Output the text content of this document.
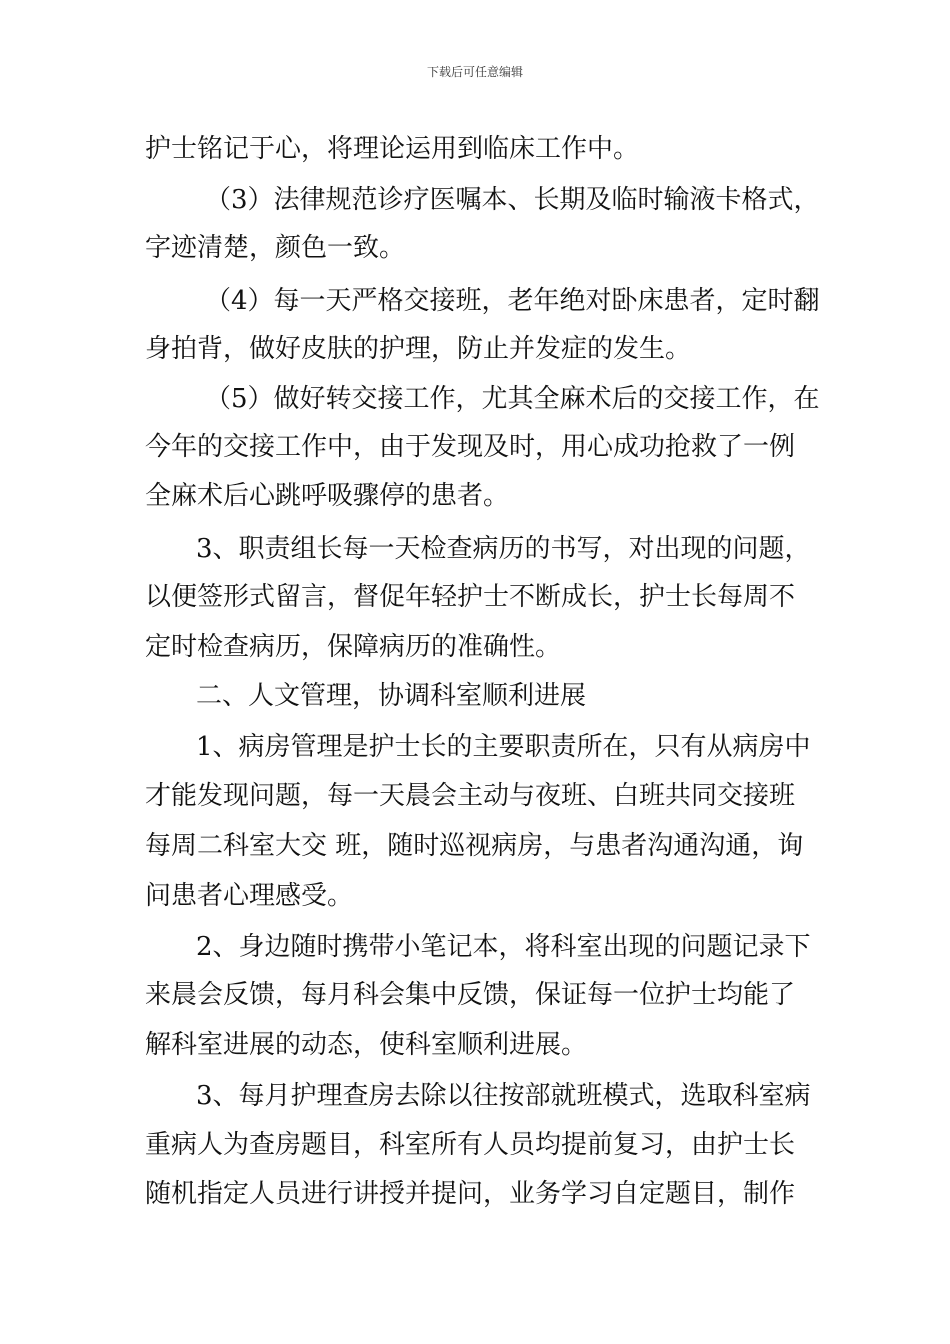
下载后可任意编辑

护士铭记于心，将理论运用到临床工作中。

（3）法律规范诊疗医嘱本、长期及临时输液卡格式，

字迹清楚，颜色一致。

（4）每一天严格交接班，老年绝对卧床患者，定时翻

身拍背，做好皮肤的护理，防止并发症的发生。

（5）做好转交接工作，尤其全麻术后的交接工作，在

今年的交接工作中，由于发现及时，用心成功抢救了一例

全麻术后心跳呼吸骤停的患者。

3、职责组长每一天检查病历的书写，对出现的问题，

以便签形式留言，督促年轻护士不断成长，护士长每周不

定时检查病历，保障病历的准确性。

二、人文管理，协调科室顺利进展

1、病房管理是护士长的主要职责所在，只有从病房中

才能发现问题，每一天晨会主动与夜班、白班共同交接班

每周二科室大交 班，随时巡视病房，与患者沟通沟通，询

问患者心理感受。

2、身边随时携带小笔记本，将科室出现的问题记录下

来晨会反馈，每月科会集中反馈，保证每一位护士均能了

解科室进展的动态，使科室顺利进展。

3、每月护理查房去除以往按部就班模式，选取科室病

重病人为查房题目，科室所有人员均提前复习，由护士长

随机指定人员进行讲授并提问，业务学习自定题目，制作
